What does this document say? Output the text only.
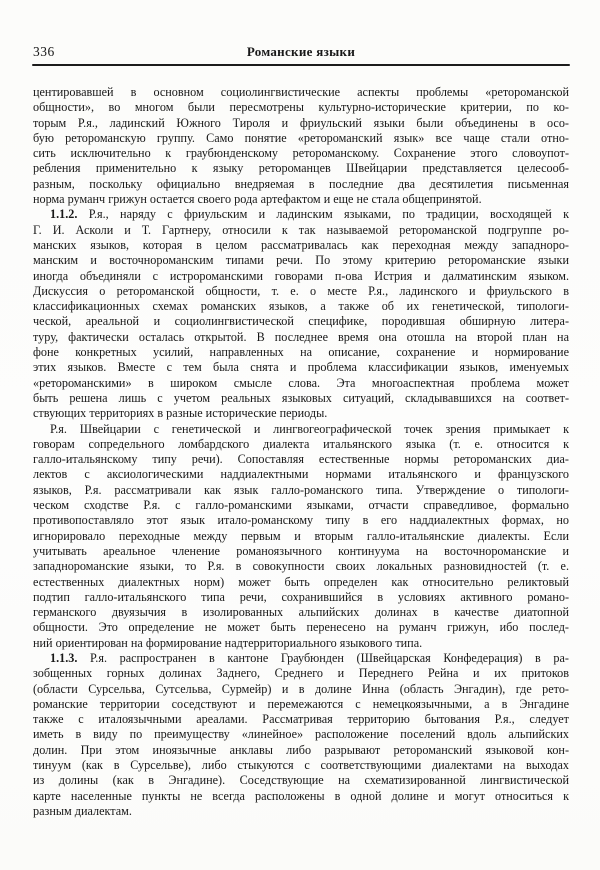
336	Романские языки
центировавшей в основном социолингвистические аспекты проблемы «ретороманской
общности», во многом были пересмотрены культурно-исторические критерии, по ко-
торым Р.я., ладинский Южного Тироля и фриульский языки были объединены в осо-
бую ретороманскую группу. Само понятие «ретороманский язык» все чаще стали отно-
сить исключительно к граубюнденскому ретороманскому. Сохранение этого словоупот-
ребления применительно к языку ретороманцев Швейцарии представляется целесооб-
разным, поскольку официально внедряемая в последние два десятилетия письменная
норма руманч грижун остается своего рода артефактом и еще не стала общепринятой.
1.1.2. Р.я., наряду с фриульским и ладинским языками, по традиции, восходящей к
Г. И. Асколи и Т. Гартнеру, относили к так называемой ретороманской подгруппе ро-
манских языков, которая в целом рассматривалась как переходная между западноро-
манским и восточнороманским типами речи. По этому критерию ретороманские языки
иногда объединяли с истророманскими говорами п-ова Истрия и далматинским языком.
Дискуссия о ретороманской общности, т. е. о месте Р.я., ладинского и фриульского в
классификационных схемах романских языков, а также об их генетической, типологи-
ческой, ареальной и социолингвистической специфике, породившая обширную литера-
туру, фактически осталась открытой. В последнее время она отошла на второй план на
фоне конкретных усилий, направленных на описание, сохранение и нормирование
этих языков. Вместе с тем была снята и проблема классификации языков, именуемых
«ретороманскими» в широком смысле слова. Эта многоаспектная проблема может
быть решена лишь с учетом реальных языковых ситуаций, складывавшихся на соответ-
ствующих территориях в разные исторические периоды.
Р.я. Швейцарии с генетической и лингвогеографической точек зрения примыкает к
говорам сопредельного ломбардского диалекта итальянского языка (т. е. относится к
галло-итальянскому типу речи). Сопоставляя естественные нормы ретороманских диа-
лектов с аксиологическими наддиалектными нормами итальянского и французского
языков, Р.я. рассматривали как язык галло-романского типа. Утверждение о типологи-
ческом сходстве Р.я. с галло-романскими языками, отчасти справедливое, формально
противопоставляло этот язык итало-романскому типу в его наддиалектных формах, но
игнорировало переходные между первым и вторым галло-итальянские диалекты. Если
учитывать ареальное членение романоязычного континуума на восточнороманские и
западнороманские языки, то Р.я. в совокупности своих локальных разновидностей (т. е.
естественных диалектных норм) может быть определен как относительно реликтовый
подтип галло-итальянского типа речи, сохранившийся в условиях активного романо-
германского двуязычия в изолированных альпийских долинах в качестве диатопной
общности. Это определение не может быть перенесено на руманч грижун, ибо послед-
ний ориентирован на формирование надтерриториального языкового типа.
1.1.3. Р.я. распространен в кантоне Граубюнден (Швейцарская Конфедерация) в ра-
зобщенных горных долинах Заднего, Среднего и Переднего Рейна и их притоков
(области Сурсельва, Сутсельва, Сурмейр) и в долине Инна (область Энгадин), где рето-
романские территории соседствуют и перемежаются с немецкоязычными, а в Энгадине
также с италоязычными ареалами. Рассматривая территорию бытования Р.я., следует
иметь в виду по преимуществу «линейное» расположение поселений вдоль альпийских
долин. При этом иноязычные анклавы либо разрывают ретороманский языковой кон-
тинуум (как в Сурсельве), либо стыкуются с соответствующими диалектами на выходах
из долины (как в Энгадине). Соседствующие на схематизированной лингвистической
карте населенные пункты не всегда расположены в одной долине и могут относиться к
разным диалектам.
